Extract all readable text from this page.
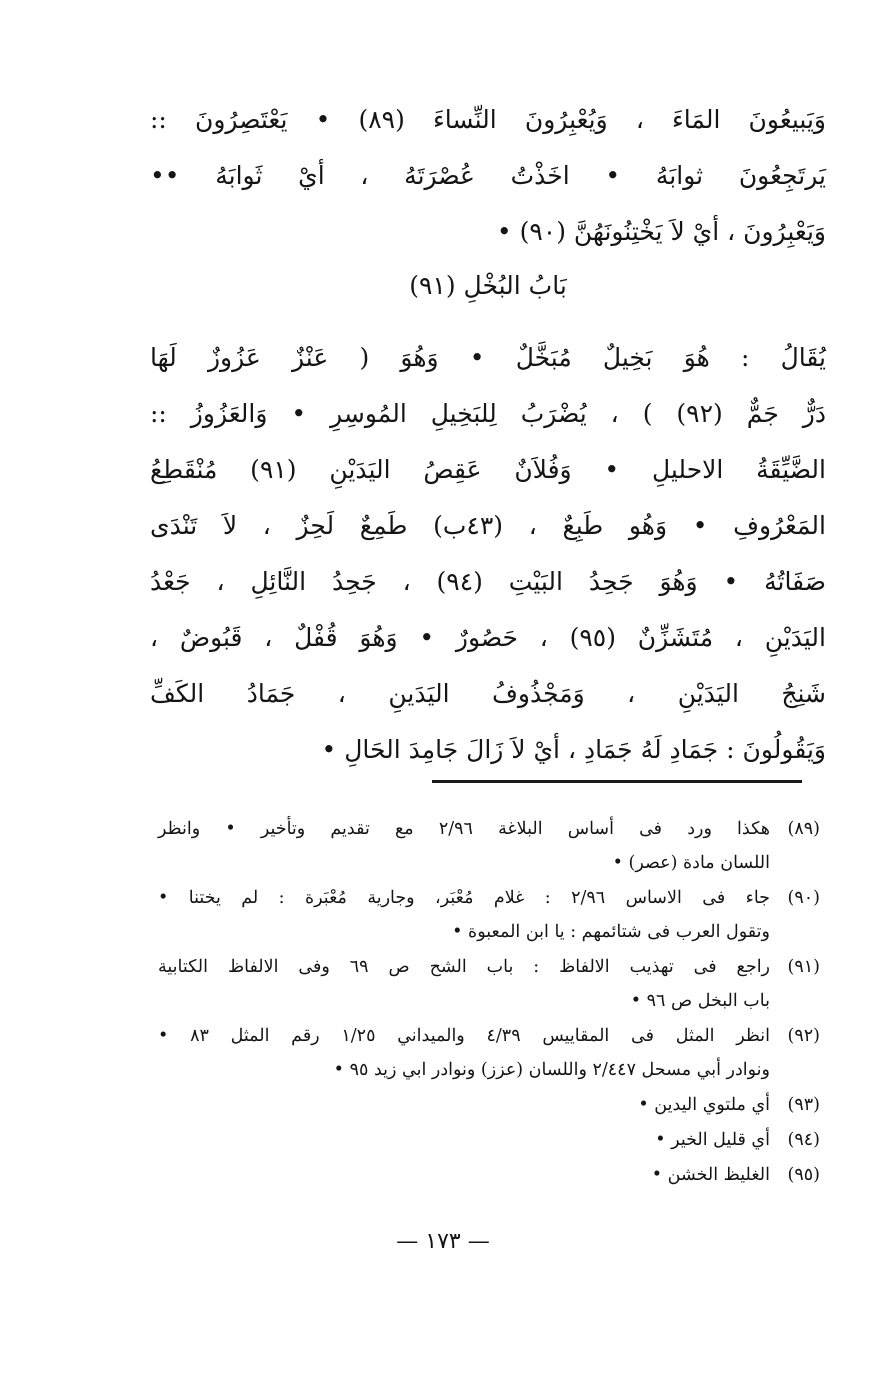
وَيَبيعُونَ المَاءَ ، وَيُعْبِرُونَ النِّساءَ (٨٩) • يَعْتَصِرُونَ ::
يَرتَجِعُونَ ثوابَهُ • اخَذْتُ عُصْرَتَهُ ، أيْ ثَوابَهُ ••
وَيَعْبِرُونَ ، أيْ لاَ يَخْتِنُونَهُنَّ (٩٠) •
بَابُ البُخْلِ (٩١)
يُقَالُ : هُوَ بَخِيلٌ مُبَخَّلٌ • وَهُوَ ( عَنْزٌ عَزُوزٌ لَهَا
دَرٌّ جَمٌّ (٩٢) ) ، يُضْرَبُ لِلبَخِيلِ المُوسِرِ • وَالعَزُوزُ ::
الضَّيِّقَةُ الاحليلِ • وَفُلاَنٌ عَقِصُ اليَدَيْنِ (٩١) مُنْقَطِعُ
المَعْرُوفِ • وَهُو طَبِعٌ ، (٤٣ب) طَمِعٌ لَحِزٌ ، لاَ تَنْدَى
صَفَاتُهُ • وَهُوَ جَحِدُ البَيْتِ (٩٤) ، جَحِدُ النَّائِلِ ، جَعْدُ
اليَدَيْنِ ، مُتَشَزِّنٌ (٩٥) ، حَصُورٌ • وَهُوَ قُفْلٌ ، قَبُوضٌ ،
شَنِجُ اليَدَيْنِ ، وَمَجْذُوفُ اليَدَينِ ، جَمَادُ الكَفِّ
وَيَقُولُونَ : جَمَادِ لَهُ جَمَادِ ، أيْ لاَ زَالَ جَامِدَ الحَالِ •
(٨٩)
هكذا ورد فى أساس البلاغة ٢/٩٦ مع تقديم وتأخير • وانظر
اللسان مادة (عصر) •
(٩٠)
جاء فى الاساس ٢/٩٦ : غلام مُعْبَر، وجارية مُعْبَرة : لم يختنا •
وتقول العرب فى شتائمهم : يا ابن المعبوة •
(٩١)
راجع فى تهذيب الالفاظ : باب الشح ص ٦٩ وفى الالفاظ الكتابية
باب البخل ص ٩٦ •
(٩٢)
انظر المثل فى المقاييس ٤/٣٩ والميداني ١/٢٥ رقم المثل ٨٣ •
ونوادر أبي مسحل ٢/٤٤٧ واللسان (عزز) ونوادر ابي زيد ٩٥ •
(٩٣)
أي ملتوي اليدين •
(٩٤)
أي قليل الخير •
(٩٥)
الغليظ الخشن •
— ١٧٣ —
